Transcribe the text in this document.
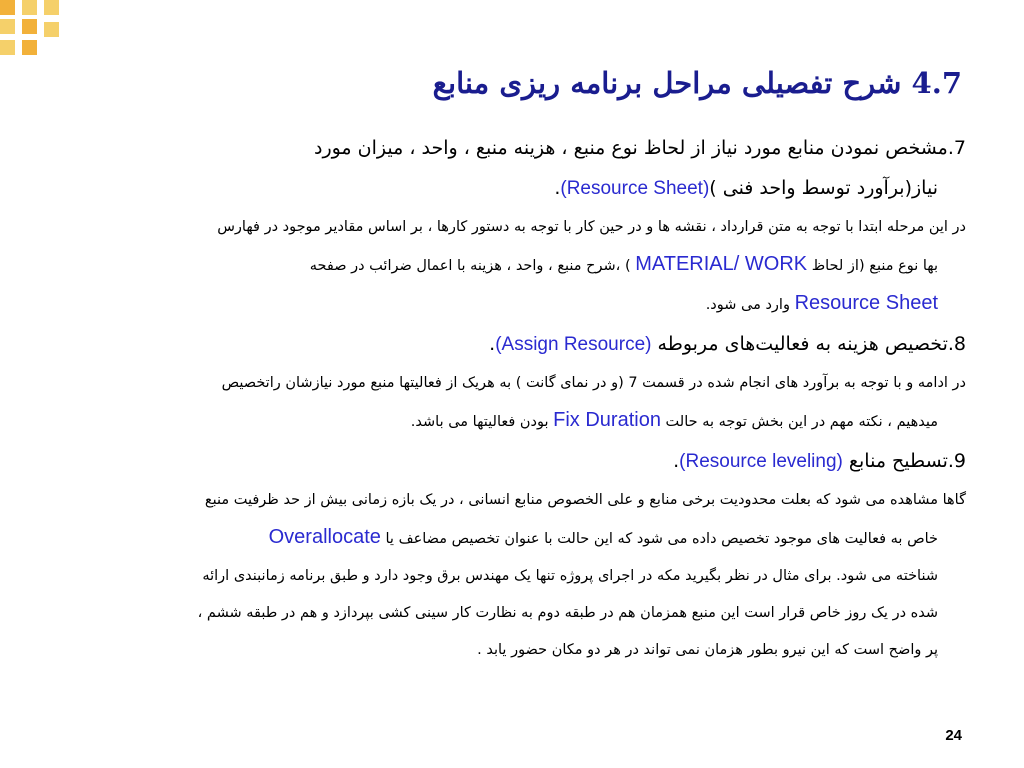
4.7 شرح تفصیلی مراحل برنامه ریزی منابع

7.مشخص نمودن منابع مورد نیاز از لحاظ نوع منبع ، هزینه منبع ، واحد ، میزان مورد

نیاز(برآورد توسط واحد فنی )(Resource Sheet).

در این مرحله ابتدا با توجه به متن قرارداد ، نقشه ها و در حین کار با توجه به دستور کارها ، بر اساس مقادیر موجود در فهارس

بها نوع منبع (از لحاظ MATERIAL/ WORK ) ،شرح منبع ، واحد ، هزینه با اعمال ضرائب در صفحه

Resource Sheet وارد می شود.

8.تخصیص هزینه به فعالیت‌های مربوطه (Assign Resource).

در ادامه و با توجه به برآورد های انجام شده در قسمت 7 (و در نمای گانت ) به هریک از فعالیتها منبع مورد نیازشان راتخصیص

میدهیم ، نکته مهم در این بخش توجه به حالت Fix Duration بودن فعالیتها می باشد.

9.تسطیح منابع (Resource leveling).

گاها مشاهده می شود که بعلت محدودیت برخی منابع و علی الخصوص منابع انسانی ، در یک بازه زمانی بیش از حد ظرفیت منبع

خاص به فعالیت های موجود تخصیص داده می شود که این حالت با عنوان تخصیص مضاعف یا Overallocate

شناخته می شود. برای مثال در نظر بگیرید مکه در اجرای پروژه تنها یک مهندس برق وجود دارد و طبق برنامه زمانبندی ارائه

شده در یک روز خاص قرار است این منبع همزمان هم در طبقه دوم به نظارت کار سینی کشی بپردازد و هم در طبقه ششم ،

پر واضح است که این نیرو بطور هزمان نمی تواند در هر دو مکان حضور یابد .

24
